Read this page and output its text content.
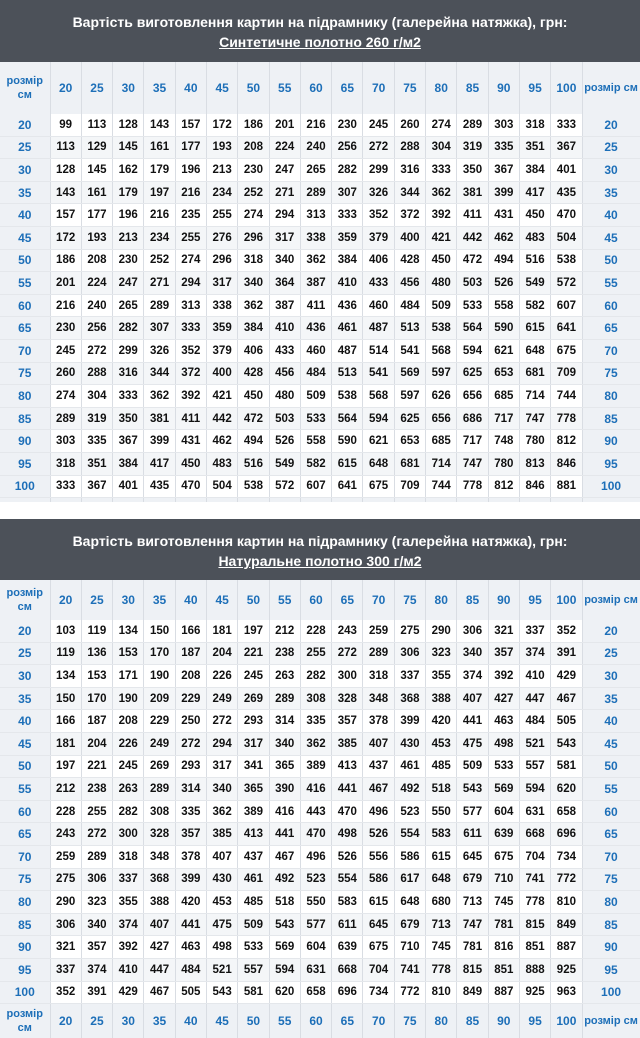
Вартість виготовлення картин на підрамнику (галерейна натяжка), грн:
Синтетичне полотно 260 г/м2
розмір см	20	25	30	35	40	45	50	55	60	65	70	75	80	85	90	95	100	розмір см
20	99	113	128	143	157	172	186	201	216	230	245	260	274	289	303	318	333	20
25	113	129	145	161	177	193	208	224	240	256	272	288	304	319	335	351	367	25
30	128	145	162	179	196	213	230	247	265	282	299	316	333	350	367	384	401	30
35	143	161	179	197	216	234	252	271	289	307	326	344	362	381	399	417	435	35
40	157	177	196	216	235	255	274	294	313	333	352	372	392	411	431	450	470	40
45	172	193	213	234	255	276	296	317	338	359	379	400	421	442	462	483	504	45
50	186	208	230	252	274	296	318	340	362	384	406	428	450	472	494	516	538	50
55	201	224	247	271	294	317	340	364	387	410	433	456	480	503	526	549	572	55
60	216	240	265	289	313	338	362	387	411	436	460	484	509	533	558	582	607	60
65	230	256	282	307	333	359	384	410	436	461	487	513	538	564	590	615	641	65
70	245	272	299	326	352	379	406	433	460	487	514	541	568	594	621	648	675	70
75	260	288	316	344	372	400	428	456	484	513	541	569	597	625	653	681	709	75
80	274	304	333	362	392	421	450	480	509	538	568	597	626	656	685	714	744	80
85	289	319	350	381	411	442	472	503	533	564	594	625	656	686	717	747	778	85
90	303	335	367	399	431	462	494	526	558	590	621	653	685	717	748	780	812	90
95	318	351	384	417	450	483	516	549	582	615	648	681	714	747	780	813	846	95
100	333	367	401	435	470	504	538	572	607	641	675	709	744	778	812	846	881	100

Вартість виготовлення картин на підрамнику (галерейна натяжка), грн:
Натуральне полотно 300 г/м2
розмір см	20	25	30	35	40	45	50	55	60	65	70	75	80	85	90	95	100	розмір см
20	103	119	134	150	166	181	197	212	228	243	259	275	290	306	321	337	352	20
25	119	136	153	170	187	204	221	238	255	272	289	306	323	340	357	374	391	25
30	134	153	171	190	208	226	245	263	282	300	318	337	355	374	392	410	429	30
35	150	170	190	209	229	249	269	289	308	328	348	368	388	407	427	447	467	35
40	166	187	208	229	250	272	293	314	335	357	378	399	420	441	463	484	505	40
45	181	204	226	249	272	294	317	340	362	385	407	430	453	475	498	521	543	45
50	197	221	245	269	293	317	341	365	389	413	437	461	485	509	533	557	581	50
55	212	238	263	289	314	340	365	390	416	441	467	492	518	543	569	594	620	55
60	228	255	282	308	335	362	389	416	443	470	496	523	550	577	604	631	658	60
65	243	272	300	328	357	385	413	441	470	498	526	554	583	611	639	668	696	65
70	259	289	318	348	378	407	437	467	496	526	556	586	615	645	675	704	734	70
75	275	306	337	368	399	430	461	492	523	554	586	617	648	679	710	741	772	75
80	290	323	355	388	420	453	485	518	550	583	615	648	680	713	745	778	810	80
85	306	340	374	407	441	475	509	543	577	611	645	679	713	747	781	815	849	85
90	321	357	392	427	463	498	533	569	604	639	675	710	745	781	816	851	887	90
95	337	374	410	447	484	521	557	594	631	668	704	741	778	815	851	888	925	95
100	352	391	429	467	505	543	581	620	658	696	734	772	810	849	887	925	963	100
розмір см	20	25	30	35	40	45	50	55	60	65	70	75	80	85	90	95	100	розмір см
